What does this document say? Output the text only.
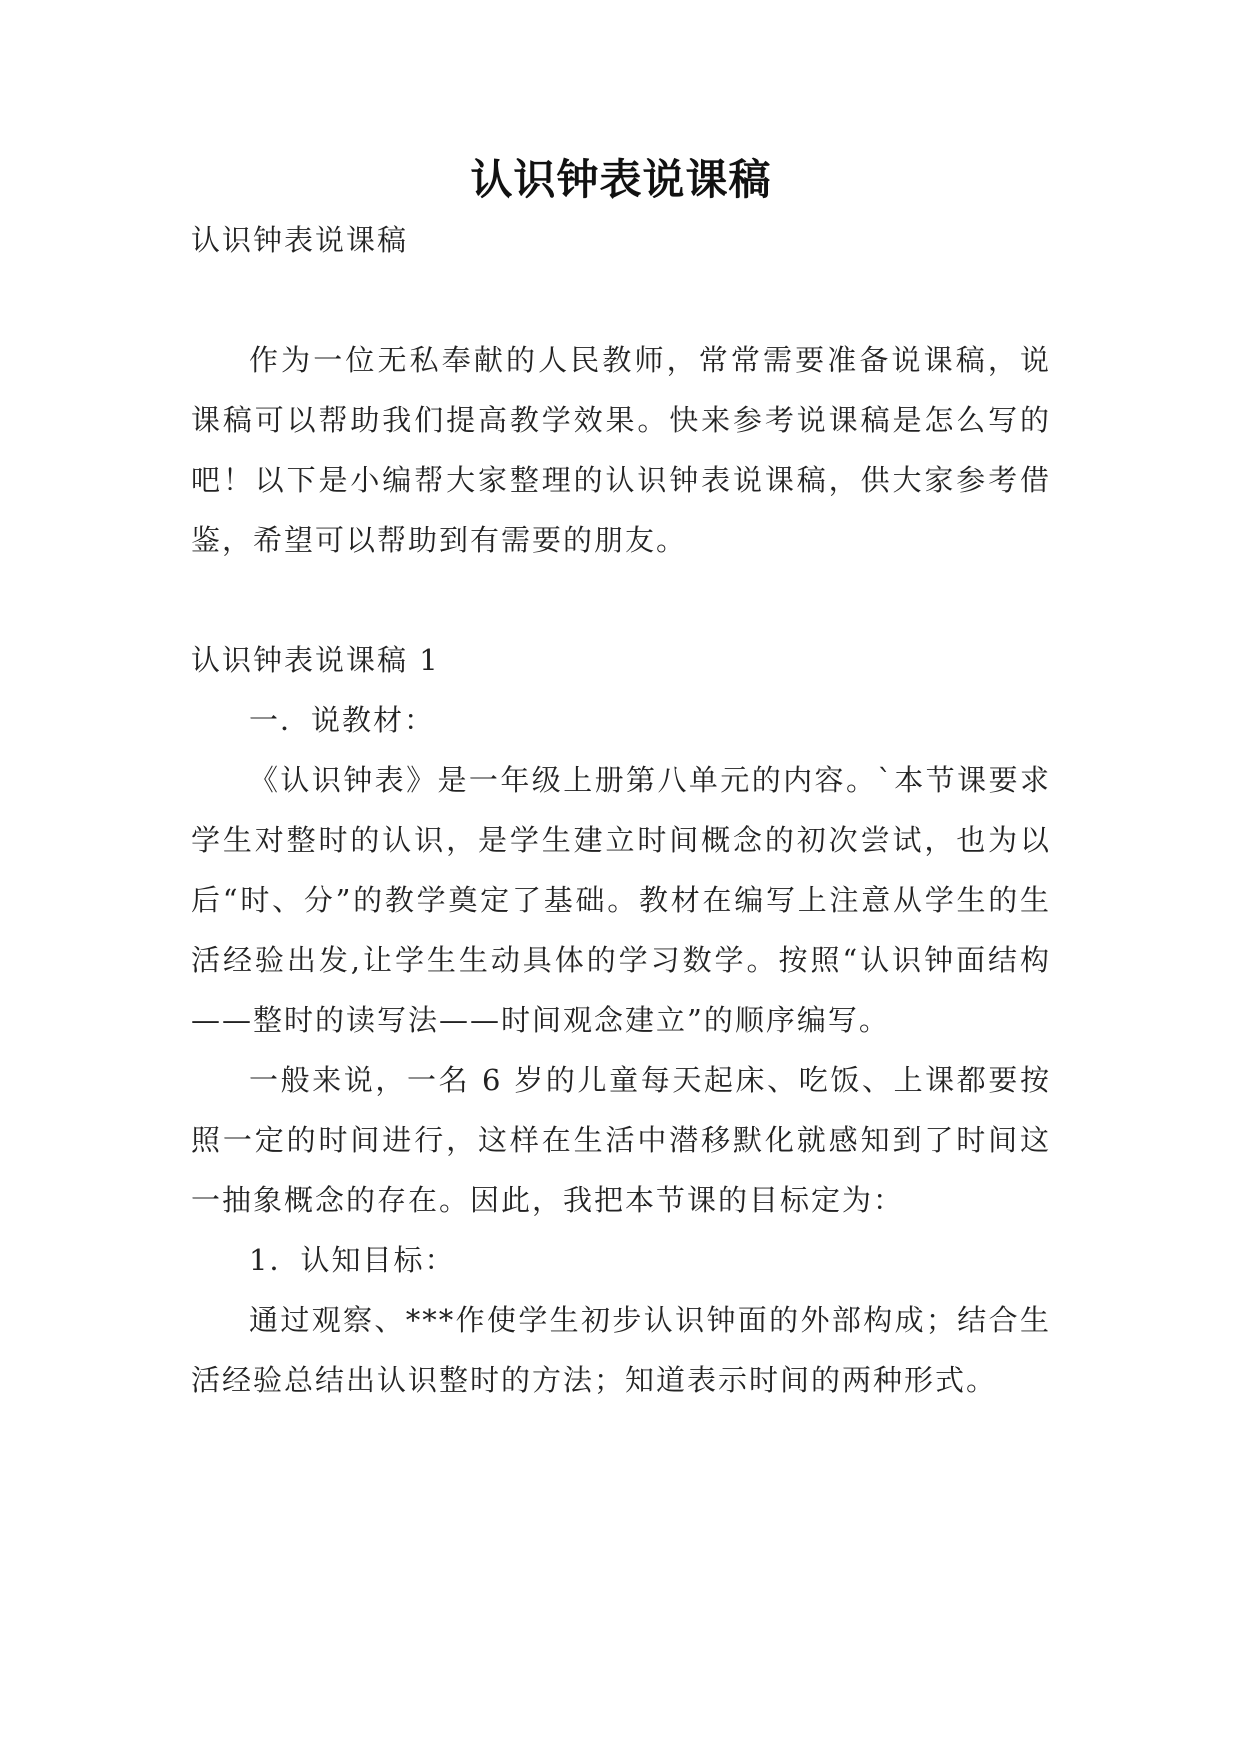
认识钟表说课稿

认识钟表说课稿

作为一位无私奉献的人民教师，常常需要准备说课稿，说课稿可以帮助我们提高教学效果。快来参考说课稿是怎么写的吧！以下是小编帮大家整理的认识钟表说课稿，供大家参考借鉴，希望可以帮助到有需要的朋友。

认识钟表说课稿 1

一．说教材：

《认识钟表》是一年级上册第八单元的内容。`本节课要求学生对整时的认识，是学生建立时间概念的初次尝试，也为以后“时、分”的教学奠定了基础。教材在编写上注意从学生的生活经验出发,让学生生动具体的学习数学。按照“认识钟面结构——整时的读写法——时间观念建立”的顺序编写。

一般来说，一名 6 岁的儿童每天起床、吃饭、上课都要按照一定的时间进行，这样在生活中潜移默化就感知到了时间这一抽象概念的存在。因此，我把本节课的目标定为：

1．认知目标：

通过观察、***作使学生初步认识钟面的外部构成；结合生活经验总结出认识整时的方法；知道表示时间的两种形式。
